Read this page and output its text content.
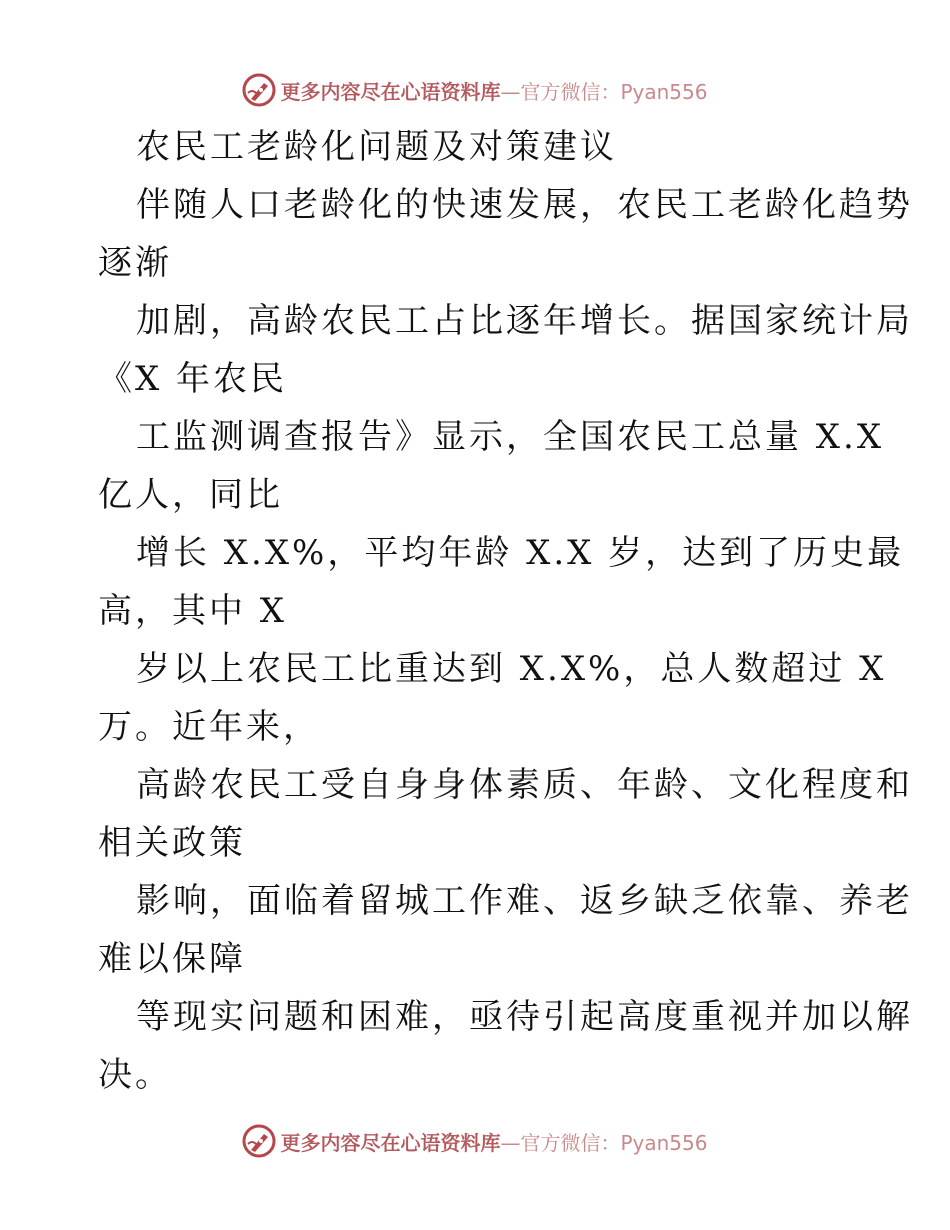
更多内容尽在心语资料库—官方微信：Pyan556
农民工老龄化问题及对策建议
伴随人口老龄化的快速发展，农民工老龄化趋势
逐渐
加剧，高龄农民工占比逐年增长。据国家统计局
《X 年农民
工监测调查报告》显示，全国农民工总量 X.X
亿人，同比
增长 X.X%，平均年龄 X.X 岁，达到了历史最
高，其中 X
岁以上农民工比重达到 X.X%，总人数超过 X
万。近年来，
高龄农民工受自身身体素质、年龄、文化程度和
相关政策
影响，面临着留城工作难、返乡缺乏依靠、养老
难以保障
等现实问题和困难，亟待引起高度重视并加以解
决。
更多内容尽在心语资料库—官方微信：Pyan556
